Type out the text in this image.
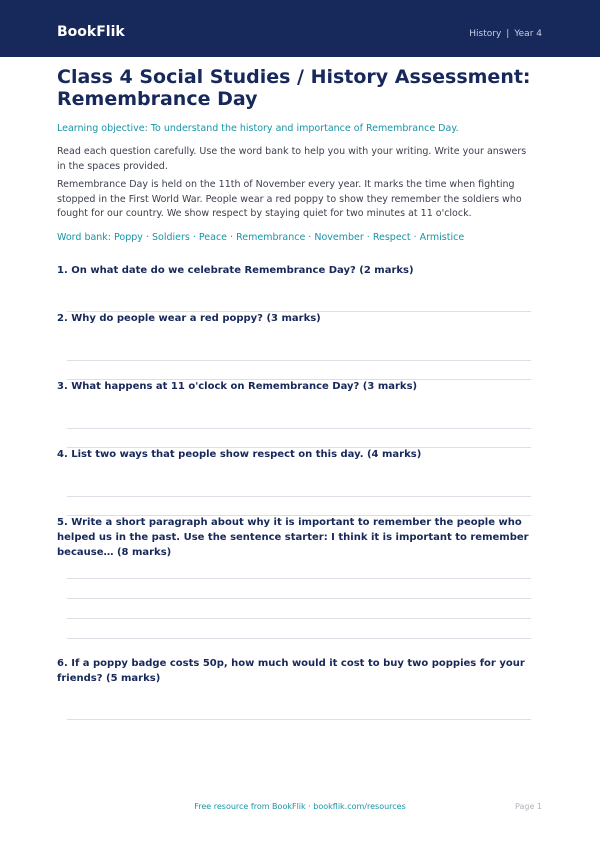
BookFlik	History | Year 4
Class 4 Social Studies / History Assessment: Remembrance Day
Learning objective: To understand the history and importance of Remembrance Day.

Read each question carefully. Use the word bank to help you with your writing. Write your answers in the spaces provided.

Remembrance Day is held on the 11th of November every year. It marks the time when fighting stopped in the First World War. People wear a red poppy to show they remember the soldiers who fought for our country. We show respect by staying quiet for two minutes at 11 o'clock.

Word bank: Poppy · Soldiers · Peace · Remembrance · November · Respect · Armistice

1. On what date do we celebrate Remembrance Day? (2 marks)

2. Why do people wear a red poppy? (3 marks)

3. What happens at 11 o'clock on Remembrance Day? (3 marks)

4. List two ways that people show respect on this day. (4 marks)

5. Write a short paragraph about why it is important to remember the people who helped us in the past. Use the sentence starter: I think it is important to remember because… (8 marks)

6. If a poppy badge costs 50p, how much would it cost to buy two poppies for your friends? (5 marks)

Free resource from BookFlik · bookflik.com/resources	Page 1
